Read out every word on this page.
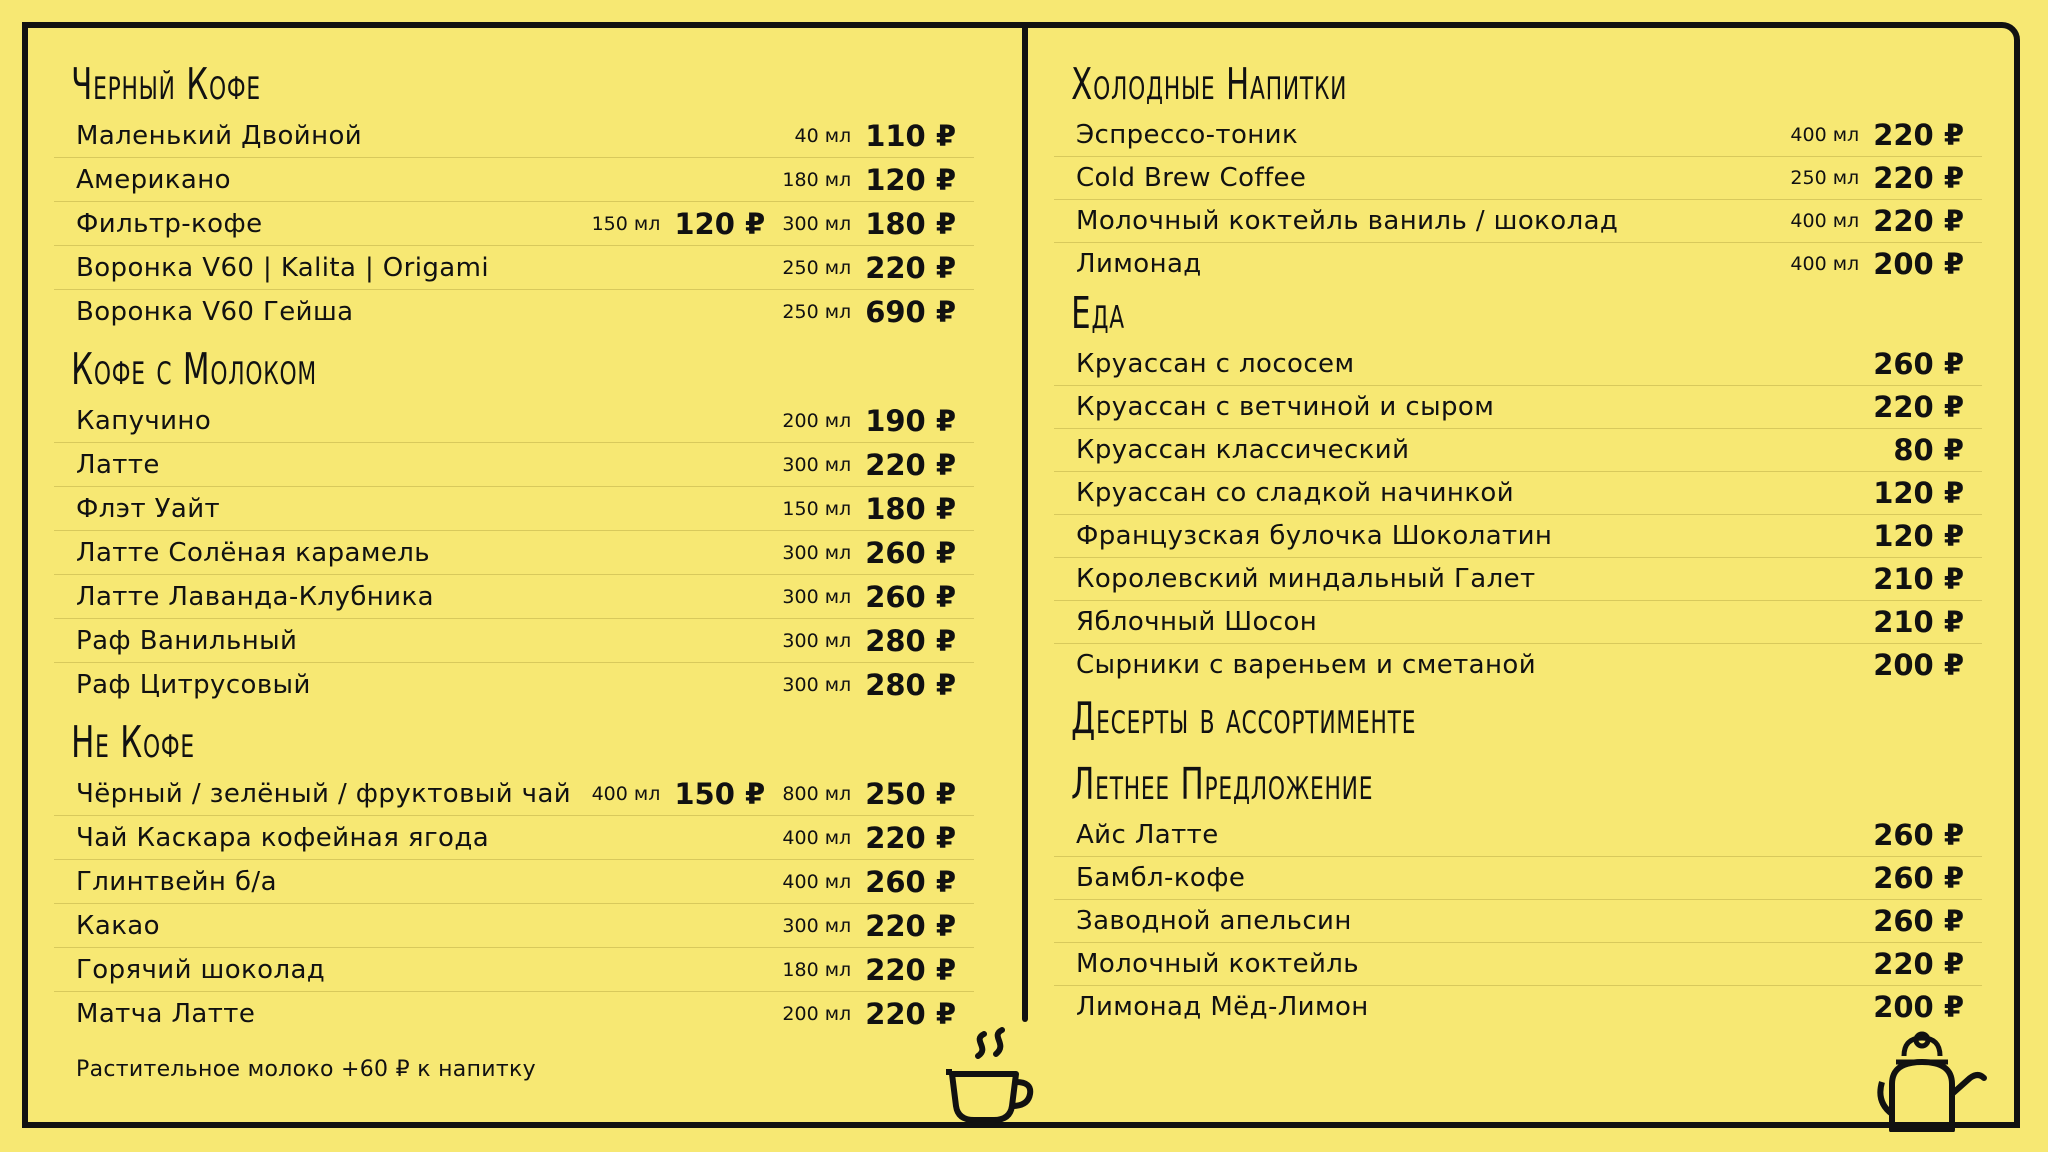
Черный Кофе
Маленький Двойной	40 мл 110 ₽
Американо	180 мл 120 ₽
Фильтр-кофе	150 мл 120 ₽ 300 мл 180 ₽
Воронка V60 | Kalita | Origami	250 мл 220 ₽
Воронка V60 Гейша	250 мл 690 ₽
Кофе с Молоком
Капучино	200 мл 190 ₽
Латте	300 мл 220 ₽
Флэт Уайт	150 мл 180 ₽
Латте Солёная карамель	300 мл 260 ₽
Латте Лаванда-Клубника	300 мл 260 ₽
Раф Ванильный	300 мл 280 ₽
Раф Цитрусовый	300 мл 280 ₽
Не Кофе
Чёрный / зелёный / фруктовый чай 400 мл 150 ₽ 800 мл 250 ₽
Чай Каскара кофейная ягода	400 мл 220 ₽
Глинтвейн б/а	400 мл 260 ₽
Какао	300 мл 220 ₽
Горячий шоколад	180 мл 220 ₽
Матча Латте	200 мл 220 ₽
Растительное молоко +60 ₽ к напитку
Холодные Напитки
Эспрессо-тоник	400 мл 220 ₽
Cold Brew Coffee	250 мл 220 ₽
Молочный коктейль ваниль / шоколад	400 мл 220 ₽
Лимонад	400 мл 200 ₽
Еда
Круассан с лососем	260 ₽
Круассан с ветчиной и сыром	220 ₽
Круассан классический	80 ₽
Круассан со сладкой начинкой	120 ₽
Французская булочка Шоколатин	120 ₽
Королевский миндальный Галет	210 ₽
Яблочный Шосон	210 ₽
Сырники с вареньем и сметаной	200 ₽
Десерты в ассортименте
Летнее Предложение
Айс Латте	260 ₽
Бамбл-кофе	260 ₽
Заводной апельсин	260 ₽
Молочный коктейль	220 ₽
Лимонад Мёд-Лимон	200 ₽
